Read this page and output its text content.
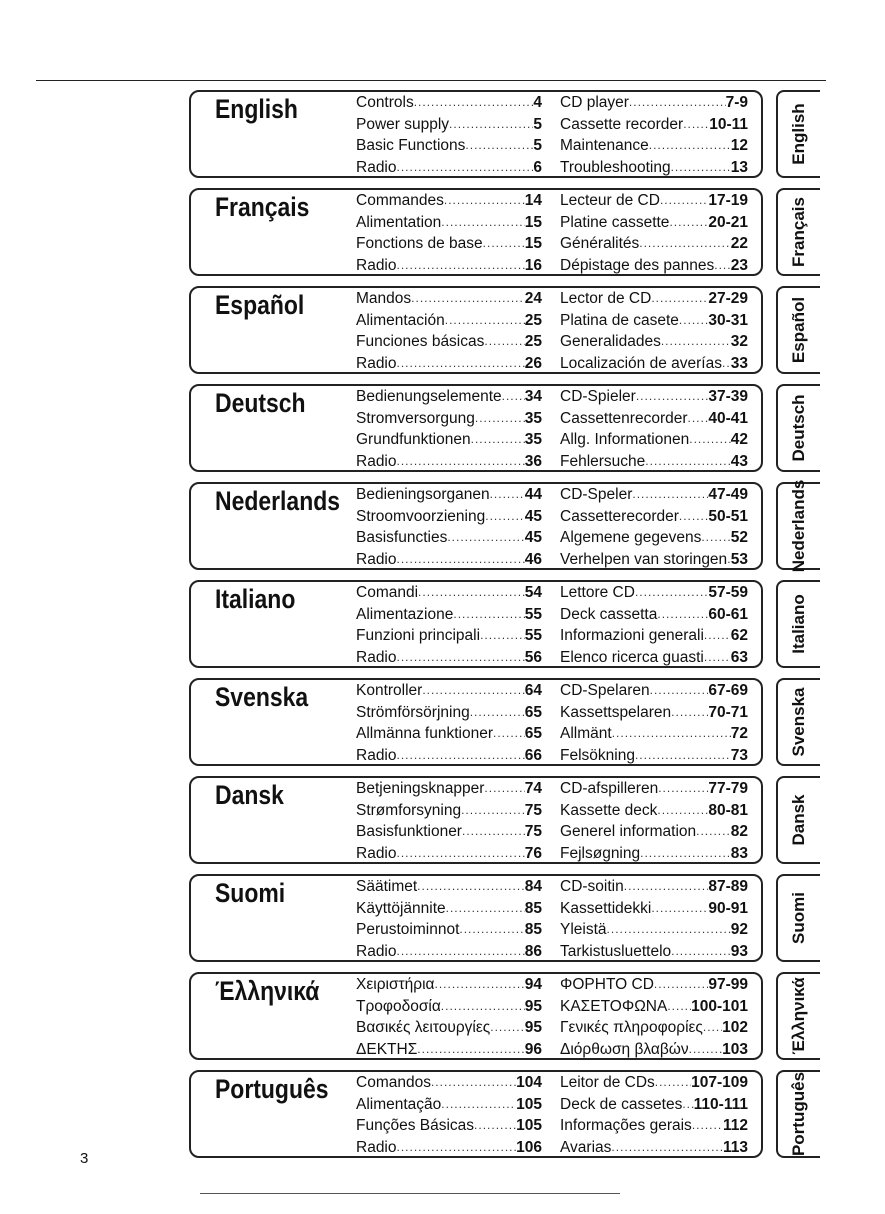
English	Controls .....	4
Power supply .....	5
Basic Functions .....	5
Radio .....	6
CD player .....	7-9
Cassette recorder ..... 10-11
Maintenance .....	12
Troubleshooting .....	13
English
Français	Commandes .....	14
Alimentation .....	15
Fonctions de base .....	15
Radio .....	16
Lecteur de CD .....	17-19
Platine cassette .....	20-21
Généralités .....	22
Dépistage des pannes ..... 23 Français
Español	Mandos .....	24
Alimentación .....	25
Funciones básicas .....	25
Radio .....	26
Lector de CD .....	27-29
Platina de casete ..... 30-31
Generalidades .....	32
Localización de averías ..... 33 Español
Deutsch	Bedienungselemente ..... 34
Stromversorgung .....	35
Grundfunktionen .....	35
Radio .....	36
CD-Spieler .....	37-39
Cassettenrecorder ..... 40-41
Allg. Informationen .....	42
Fehlersuche .....	43 Deutsch
Nederlands Bedieningsorganen ..... 44
Stroomvoorziening .....	45
Basisfuncties .....	45
Radio .....	46
CD-Speler .....	47-49
Cassetterecorder ..... 50-51
Algemene gegevens ..... 52
Verhelpen van storingen ..... 53 Nederlands
Italiano	Comandi .....	54
Alimentazione .....	55
Funzioni principali .....	55
Radio .....	56
Lettore CD .....	57-59
Deck cassetta .....	60-61
Informazioni generali ..... 62
Elenco ricerca guasti ..... 63
Italiano
Svenska	Kontroller .....	64
Strömförsörjning .....	65
Allmänna funktioner ..... 65
Radio .....	66
CD-Spelaren .....	67-69
Kassettspelaren ..... 70-71
Allmänt .....	72
Felsökning .....	73 Svenska
Dansk	Betjeningsknapper .....	74
Strømforsyning .....	75
Basisfunktioner .....	75
Radio .....	76
CD-afspilleren .....	77-79
Kassette deck .....	80-81
Generel information ..... 82
Fejlsøgning .....	83
Dansk
Suomi	Säätimet .....	84
Käyttöjännite .....	85
Perustoiminnot .....	85
Radio .....	86
CD-soitin .....	87-89
Kassettidekki .....	90-91
Yleistä .....	92
Tarkistusluettelo .....	93
Suomi
Έλληνικά Χειριστήρια .....	94
Τροφοδοσία .....	95
Βασικές λειτουργίες ..... 95
ΔΕΚΤΗΣ .....	96
ΦΟΡΗΤΟ CD .....	97-99
ΚΑΣΕΤΟΦΩΝΑ ..... 100-101
Γενικές πληροφορίες ..... 102
Διόρθωση βλαβών ..... 103 Έλληνικά
Português Comandos .....	104
Alimentação .....	105
Funções Básicas .....	105
Radio .....	106
Leitor de CDs ..... 107-109
Deck de cassetes ..... 110-111
Informações gerais ..... 112
Avarias .....	113 Português
3
